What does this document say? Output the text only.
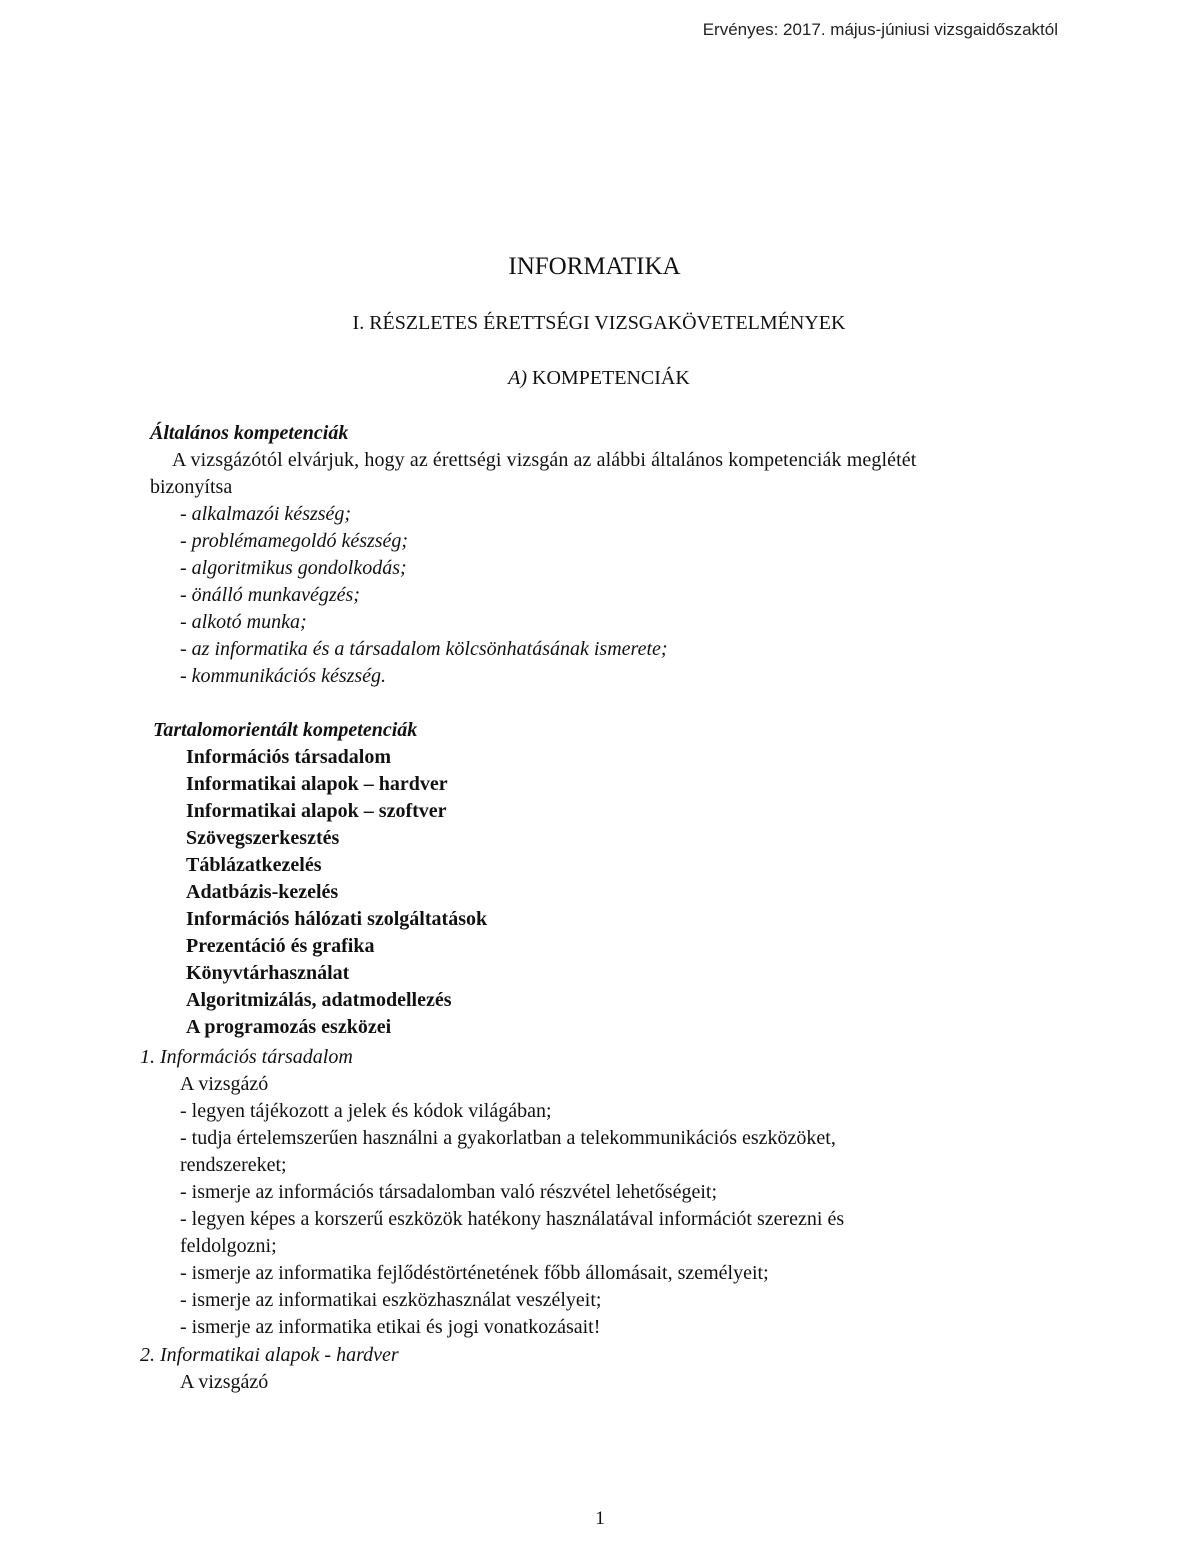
Ervényes: 2017. május-júniusi vizsgaidőszaktól
INFORMATIKA
I. RÉSZLETES ÉRETTSÉGI VIZSGAKÖVETELMÉNYEK
A) KOMPETENCIÁK

Általános kompetenciák

A vizsgázótól elvárjuk, hogy az érettségi vizsgán az alábbi általános kompetenciák meglétét

bizonyítsa

- alkalmazói készség;

- problémamegoldó készség;

- algoritmikus gondolkodás;

- önálló munkavégzés;

- alkotó munka;

- az informatika és a társadalom kölcsönhatásának ismerete;

- kommunikációs készség.

Tartalomorientált kompetenciák

Információs társadalom

Informatikai alapok – hardver

Informatikai alapok – szoftver

Szövegszerkesztés

Táblázatkezelés

Adatbázis-kezelés

Információs hálózati szolgáltatások

Prezentáció és grafika

Könyvtárhasználat

Algoritmizálás, adatmodellezés

A programozás eszközei

1. Információs társadalom

A vizsgázó

- legyen tájékozott a jelek és kódok világában;

- tudja értelemszerűen használni a gyakorlatban a telekommunikációs eszközöket,

rendszereket;

- ismerje az információs társadalomban való részvétel lehetőségeit;

- legyen képes a korszerű eszközök hatékony használatával információt szerezni és

feldolgozni;

- ismerje az informatika fejlődéstörténetének főbb állomásait, személyeit;

- ismerje az informatikai eszközhasználat veszélyeit;

- ismerje az informatika etikai és jogi vonatkozásait!

2. Informatikai alapok - hardver

A vizsgázó

1
